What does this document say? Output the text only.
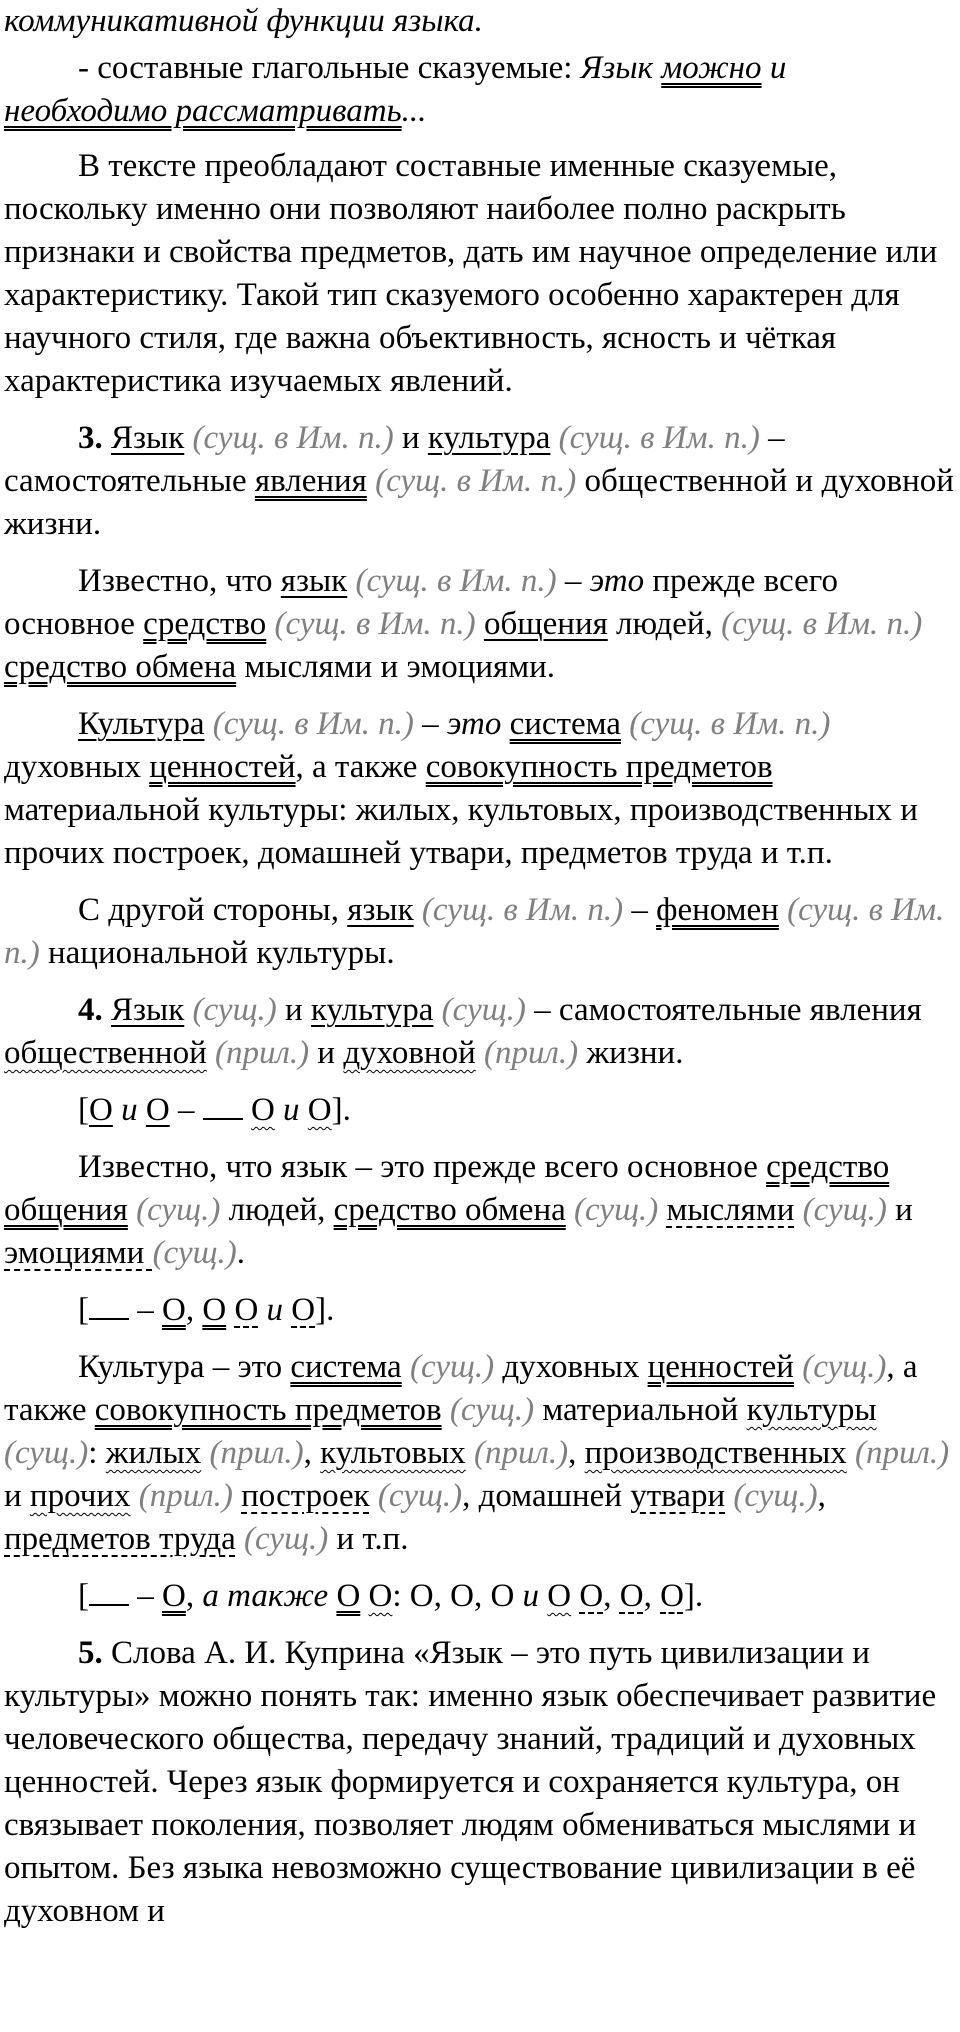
коммуникативной функции языка.

- составные глагольные сказуемые: Язык можно и необходимо рассматривать...

В тексте преобладают составные именные сказуемые, поскольку именно они позволяют наиболее полно раскрыть признаки и свойства предметов, дать им научное определение или характеристику. Такой тип сказуемого особенно характерен для научного стиля, где важна объективность, ясность и чёткая характеристика изучаемых явлений.

3. Язык (сущ. в Им. п.) и культура (сущ. в Им. п.) – самостоятельные явления (сущ. в Им. п.) общественной и духовной жизни.

Известно, что язык (сущ. в Им. п.) – это прежде всего основное средство (сущ. в Им. п.) общения людей, (сущ. в Им. п.) средство обмена мыслями и эмоциями.

Культура (сущ. в Им. п.) – это система (сущ. в Им. п.) духовных ценностей, а также совокупность предметов материальной культуры: жилых, культовых, производственных и прочих построек, домашней утвари, предметов труда и т.п.

С другой стороны, язык (сущ. в Им. п.) – феномен (сущ. в Им. п.) национальной культуры.

4. Язык (сущ.) и культура (сущ.) – самостоятельные явления общественной (прил.) и духовной (прил.) жизни.

[О и О – О и О].

Известно, что язык – это прежде всего основное средство общения (сущ.) людей, средство обмена (сущ.) мыслями (сущ.) и эмоциями (сущ.).

[ – О, О О и О].

Культура – это система (сущ.) духовных ценностей (сущ.), а также совокупность предметов (сущ.) материальной культуры (сущ.): жилых (прил.), культовых (прил.), производственных (прил.) и прочих (прил.) построек (сущ.), домашней утвари (сущ.), предметов труда (сущ.) и т.п.

[ – О, а также О О: О, О, О и О О, О, О].

5. Слова А. И. Куприна «Язык – это путь цивилизации и культуры» можно понять так: именно язык обеспечивает развитие человеческого общества, передачу знаний, традиций и духовных ценностей. Через язык формируется и сохраняется культура, он связывает поколения, позволяет людям обмениваться мыслями и опытом. Без языка невозможно существование цивилизации в её духовном и
